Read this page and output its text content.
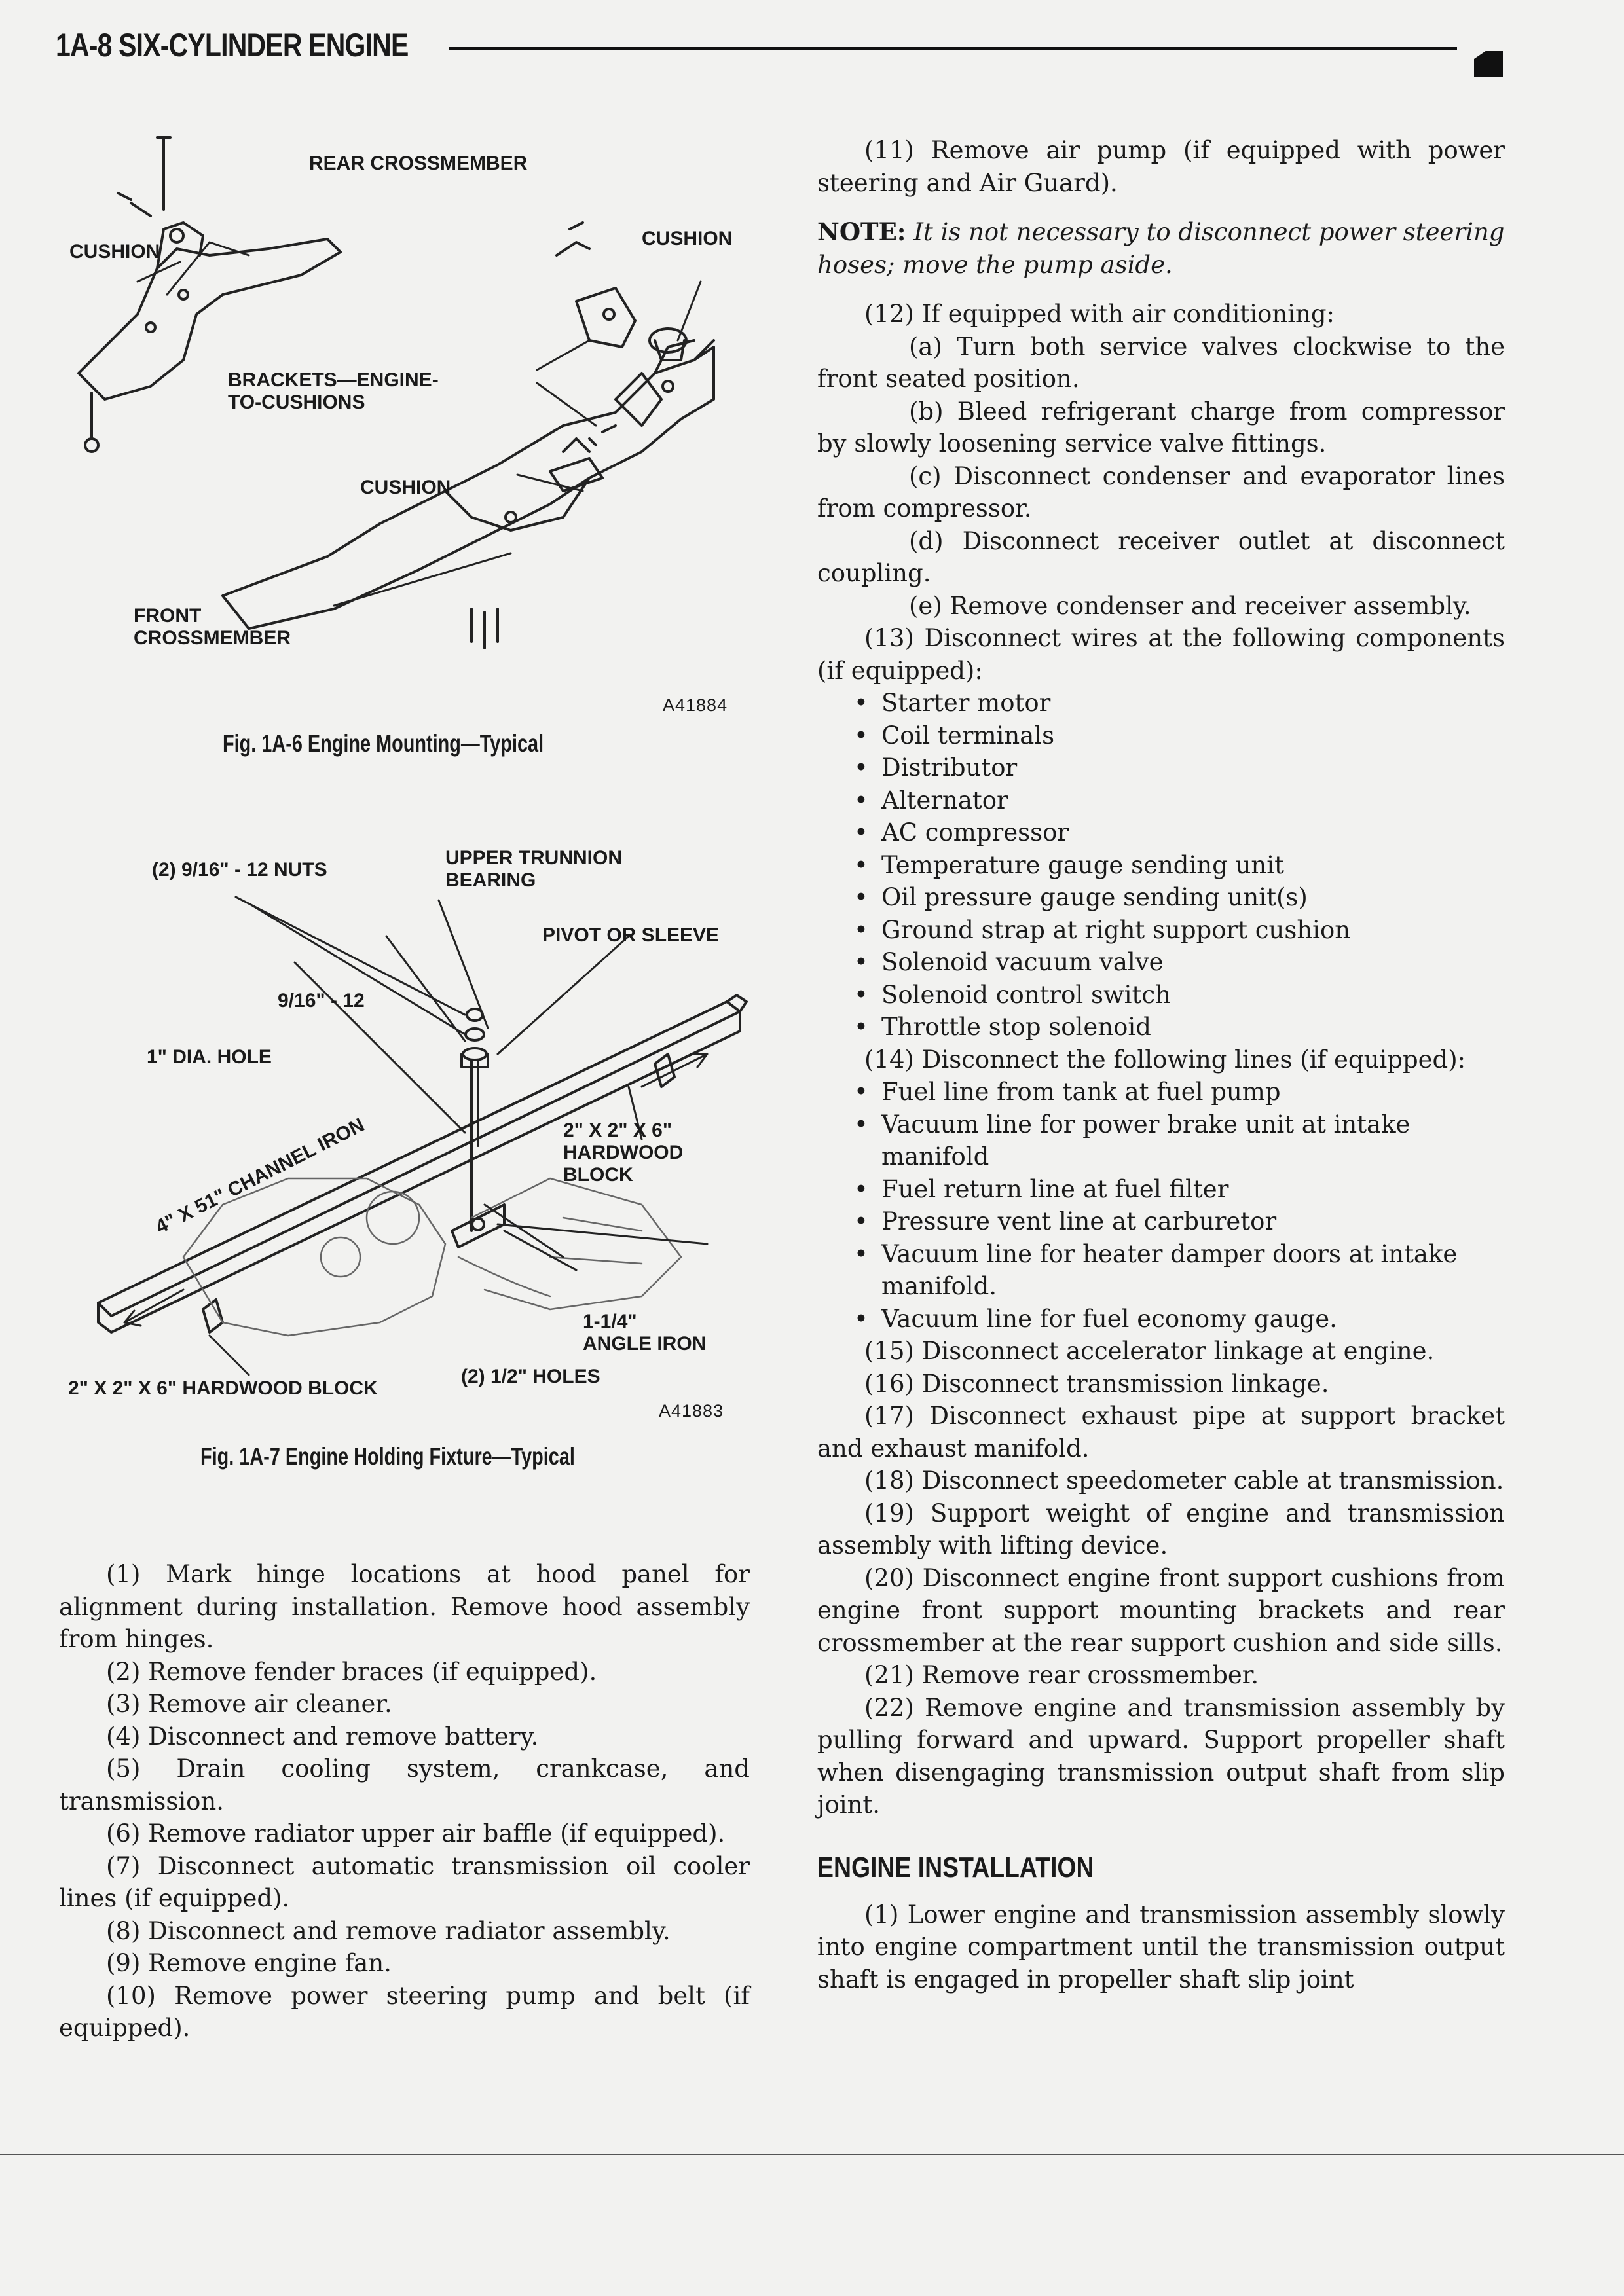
1A-8 SIX-CYLINDER ENGINE
REAR CROSSMEMBER
CUSHION
CUSHION
BRACKETS—ENGINE-
TO-CUSHIONS
CUSHION
FRONT
CROSSMEMBER
A41884
Fig. 1A-6 Engine Mounting—Typical
UPPER TRUNNION
BEARING
(2) 9/16" - 12 NUTS
PIVOT OR SLEEVE
9/16" - 12
1" DIA. HOLE
2" X 2" X 6"
HARDWOOD
BLOCK
4" X 51" CHANNEL IRON
1-1/4"
ANGLE IRON
(2) 1/2" HOLES
2" X 2" X 6" HARDWOOD BLOCK
A41883
Fig. 1A-7 Engine Holding Fixture—Typical

(1) Mark hinge locations at hood panel for alignment during installation. Remove hood assembly from hinges.

(2) Remove fender braces (if equipped).

(3) Remove air cleaner.

(4) Disconnect and remove battery.

(5) Drain cooling system, crankcase, and transmission.

(6) Remove radiator upper air baffle (if equipped).

(7) Disconnect automatic transmission oil cooler lines (if equipped).

(8) Disconnect and remove radiator assembly.

(9) Remove engine fan.

(10) Remove power steering pump and belt (if equipped).

(11) Remove air pump (if equipped with power steering and Air Guard).

NOTE: It is not necessary to disconnect power steering hoses; move the pump aside.

(12) If equipped with air conditioning:

(a) Turn both service valves clockwise to the front seated position.

(b) Bleed refrigerant charge from compressor by slowly loosening service valve fittings.

(c) Disconnect condenser and evaporator lines from compressor.

(d) Disconnect receiver outlet at disconnect coupling.

(e) Remove condenser and receiver assembly.

(13) Disconnect wires at the following components (if equipped):

• Starter motor
• Coil terminals
• Distributor
• Alternator
• AC compressor
• Temperature gauge sending unit
• Oil pressure gauge sending unit(s)
• Ground strap at right support cushion
• Solenoid vacuum valve
• Solenoid control switch
• Throttle stop solenoid

(14) Disconnect the following lines (if equipped):

• Fuel line from tank at fuel pump
• Vacuum line for power brake unit at intake manifold
• Fuel return line at fuel filter
• Pressure vent line at carburetor
• Vacuum line for heater damper doors at intake manifold.
• Vacuum line for fuel economy gauge.

(15) Disconnect accelerator linkage at engine.

(16) Disconnect transmission linkage.

(17) Disconnect exhaust pipe at support bracket and exhaust manifold.

(18) Disconnect speedometer cable at transmission.

(19) Support weight of engine and transmission assembly with lifting device.

(20) Disconnect engine front support cushions from engine front support mounting brackets and rear crossmember at the rear support cushion and side sills.

(21) Remove rear crossmember.

(22) Remove engine and transmission assembly by pulling forward and upward. Support propeller shaft when disengaging transmission output shaft from slip joint.

ENGINE INSTALLATION

(1) Lower engine and transmission assembly slowly into engine compartment until the transmission output shaft is engaged in propeller shaft slip joint
